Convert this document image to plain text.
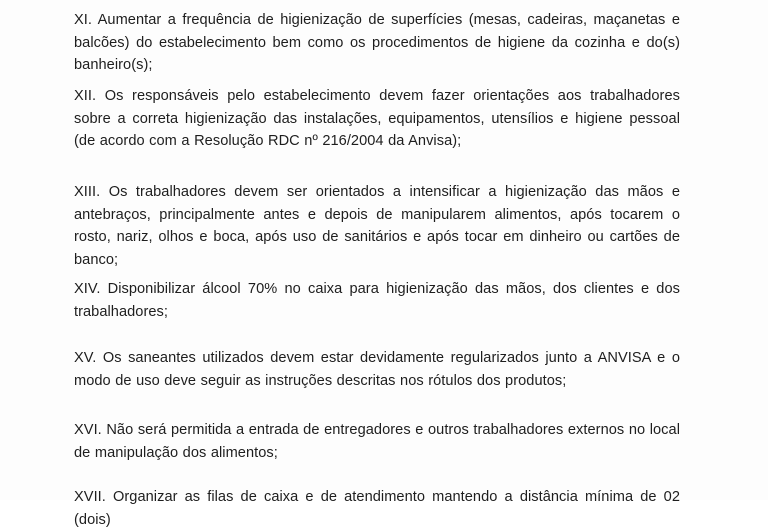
XI. Aumentar a frequência de higienização de superfícies (mesas, cadeiras, maçanetas e balcões) do estabelecimento bem como os procedimentos de higiene da cozinha e do(s) banheiro(s);

XII. Os responsáveis pelo estabelecimento devem fazer orientações aos trabalhadores sobre a correta higienização das instalações, equipamentos, utensílios e higiene pessoal (de acordo com a Resolução RDC nº 216/2004 da Anvisa);

XIII. Os trabalhadores devem ser orientados a intensificar a higienização das mãos e antebraços, principalmente antes e depois de manipularem alimentos, após tocarem o rosto, nariz, olhos e boca, após uso de sanitários e após tocar em dinheiro ou cartões de banco;

XIV. Disponibilizar álcool 70% no caixa para higienização das mãos, dos clientes e dos trabalhadores;

XV. Os saneantes utilizados devem estar devidamente regularizados junto a ANVISA e o modo de uso deve seguir as instruções descritas nos rótulos dos produtos;

XVI. Não será permitida a entrada de entregadores e outros trabalhadores externos no local de manipulação dos alimentos;

XVII. Organizar as filas de caixa e de atendimento mantendo a distância mínima de 02 (dois)
